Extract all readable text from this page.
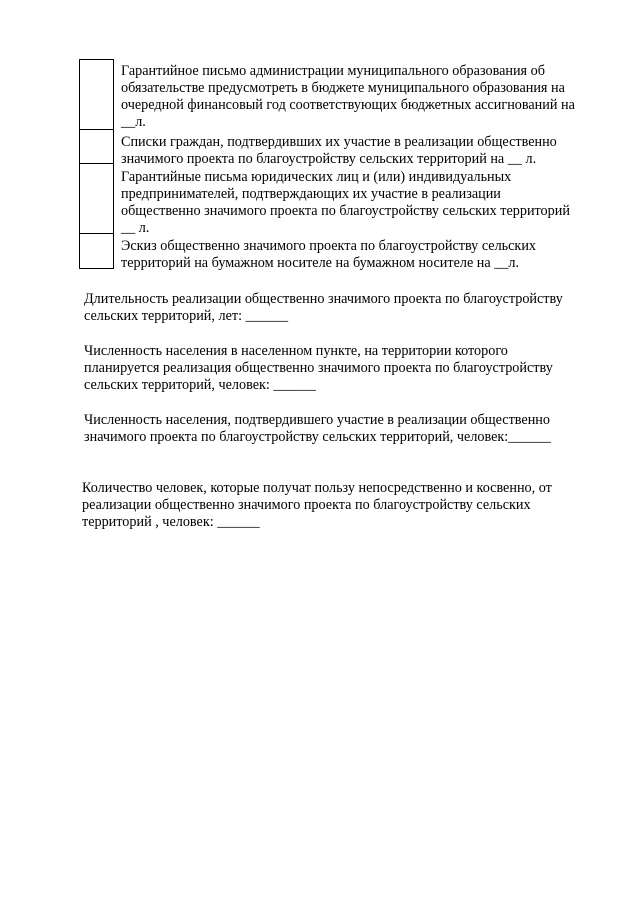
Гарантийное письмо администрации муниципального образования об
обязательстве предусмотреть в бюджете муниципального образования на
очередной финансовый год соответствующих бюджетных ассигнований на
__л.

Списки граждан, подтвердивших их участие в реализации общественно
значимого проекта по благоустройству сельских территорий на __ л.

Гарантийные письма юридических лиц и (или) индивидуальных
предпринимателей, подтверждающих их участие в реализации
общественно значимого проекта по благоустройству сельских территорий
__ л.

Эскиз общественно значимого проекта по благоустройству сельских
территорий на бумажном носителе на бумажном носителе на __л.

Длительность реализации общественно значимого проекта по благоустройству
сельских территорий, лет: ______

Численность населения в населенном пункте, на территории которого
планируется реализация общественно значимого проекта по благоустройству
сельских территорий, человек: ______

Численность населения, подтвердившего участие в реализации общественно
значимого проекта по благоустройству сельских территорий, человек:______

Количество человек, которые получат пользу непосредственно и косвенно, от
реализации общественно значимого проекта по благоустройству сельских
территорий , человек: ______
